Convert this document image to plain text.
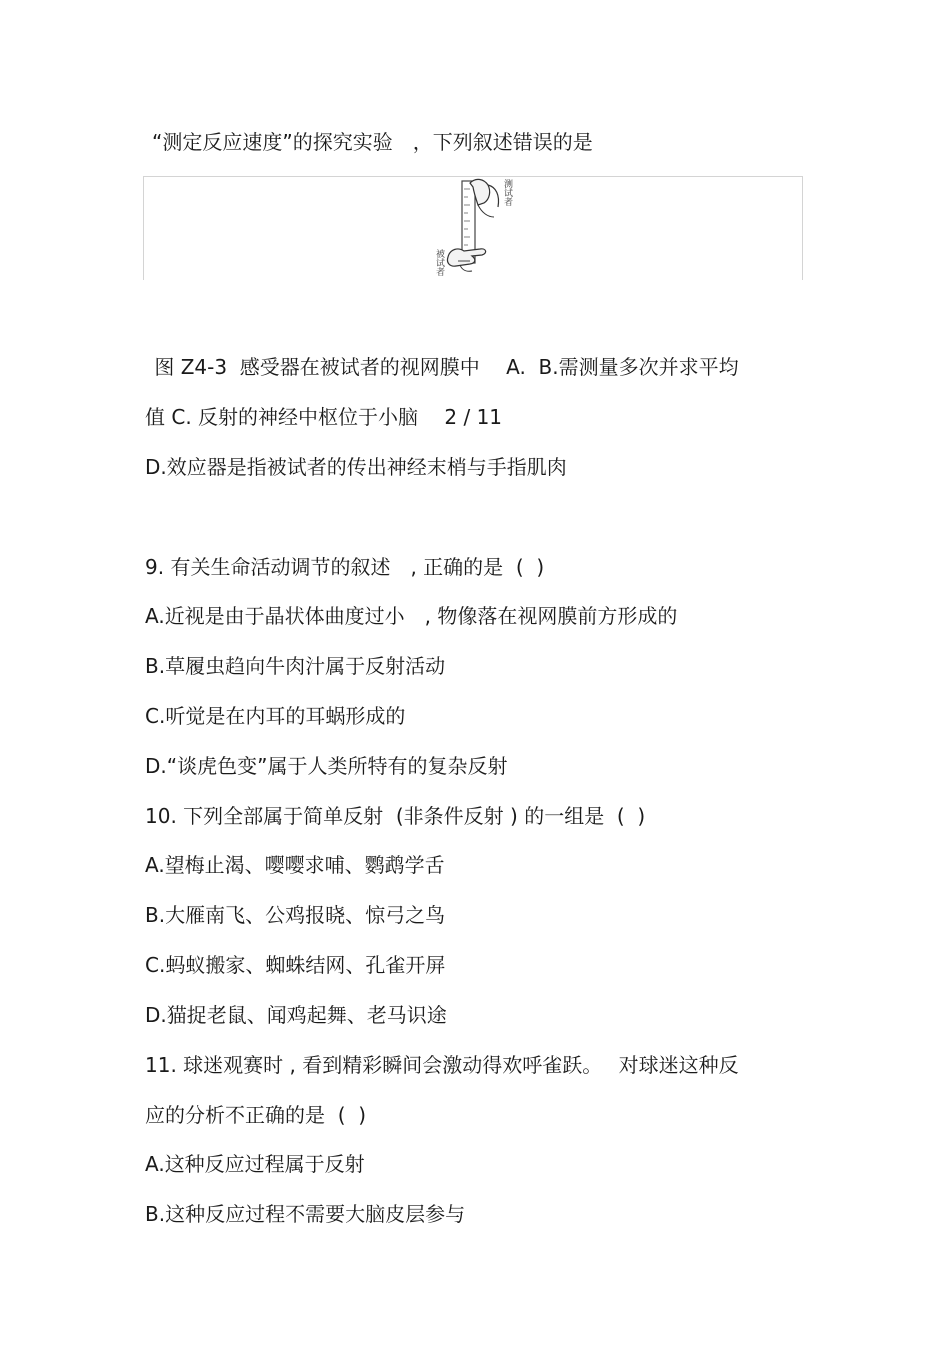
“测定反应速度”的探究实验　，下列叙述错误的是
测试者
被试者
图 Z4-3  感受器在被试者的视网膜中　 A.  B.需测量多次并求平均
值 C. 反射的神经中枢位于小脑　 2 / 11
D.效应器是指被试者的传出神经末梢与手指肌肉
9. 有关生命活动调节的叙述　, 正确的是  (  )
A.近视是由于晶状体曲度过小　, 物像落在视网膜前方形成的
B.草履虫趋向牛肉汁属于反射活动
C.听觉是在内耳的耳蜗形成的
D.“谈虎色变”属于人类所特有的复杂反射
10. 下列全部属于简单反射  (非条件反射 ) 的一组是  (  )
A.望梅止渴、嘤嘤求哺、鹦鹉学舌
B.大雁南飞、公鸡报晓、惊弓之鸟
C.蚂蚁搬家、蜘蛛结网、孔雀开屏
D.猫捉老鼠、闻鸡起舞、老马识途
11. 球迷观赛时 , 看到精彩瞬间会激动得欢呼雀跃。　 对球迷这种反
应的分析不正确的是  (  )
A.这种反应过程属于反射
B.这种反应过程不需要大脑皮层参与
